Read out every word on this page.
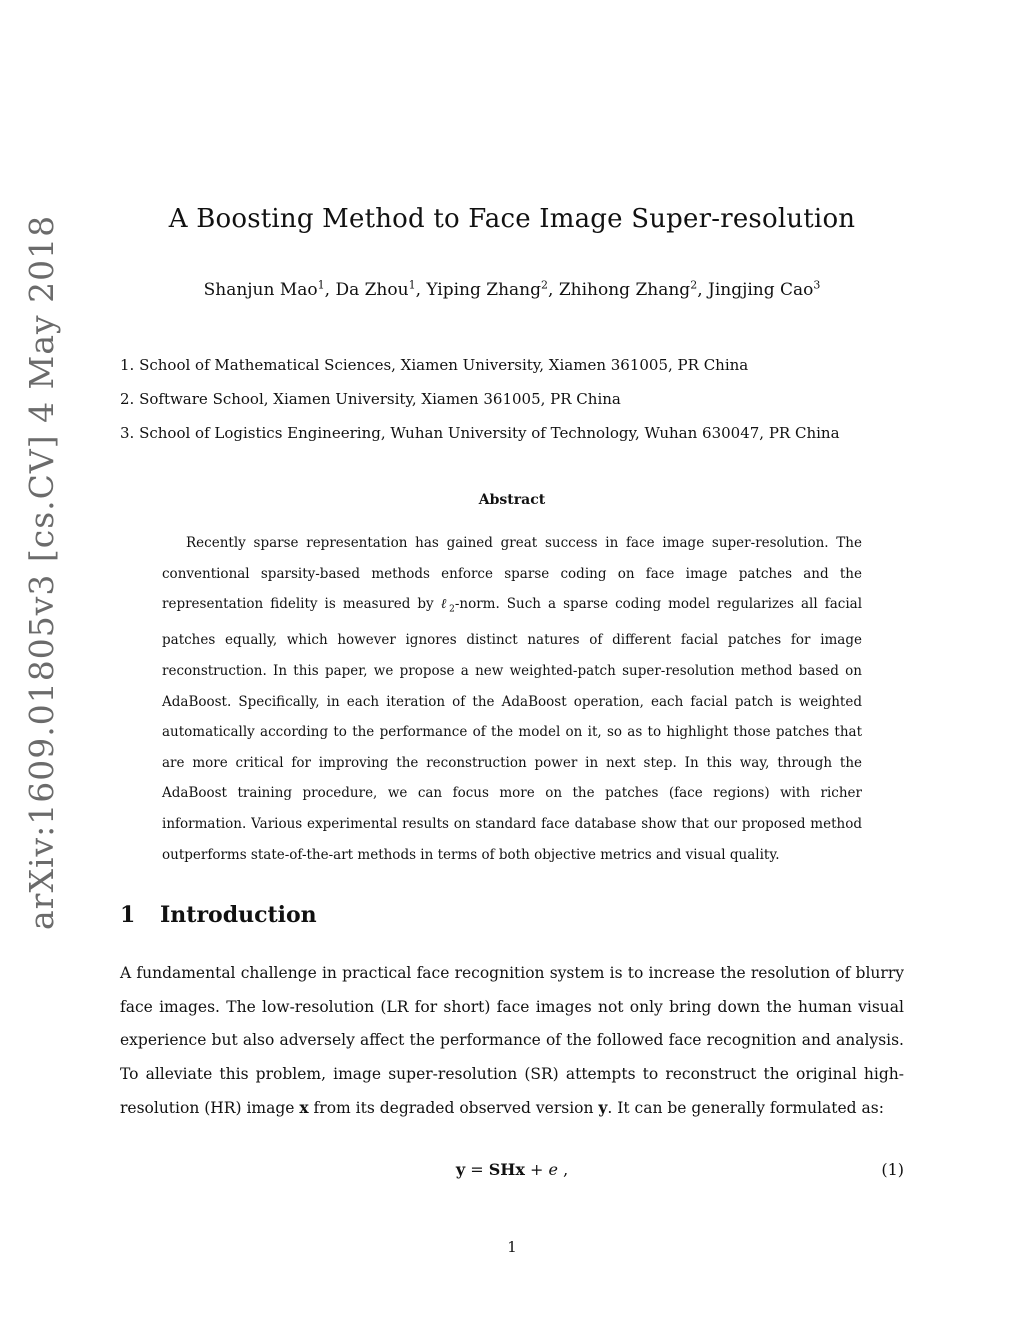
arXiv:1609.01805v3 [cs.CV] 4 May 2018	A Boosting Method to Face Image Super-resolution
Shanjun Mao$^1$, Da Zhou$^1$, Yiping Zhang$^2$, Zhihong Zhang$^2$, Jingjing Cao$^3$
1. School of Mathematical Sciences, Xiamen University, Xiamen 361005, PR China
2. Software School, Xiamen University, Xiamen 361005, PR China
3. School of Logistics Engineering, Wuhan University of Technology, Wuhan 630047, PR China
Abstract
Recently sparse representation has gained great success in face image super-resolution. The conventional sparsity-based methods enforce sparse coding on face image patches and the representation fidelity is measured by ℓ$_2$-norm. Such a sparse coding model regularizes all facial patches equally, which however ignores distinct natures of different facial patches for image reconstruction. In this paper, we propose a new weighted-patch super-resolution method based on AdaBoost. Specifically, in each iteration of the AdaBoost operation, each facial patch is weighted automatically according to the performance of the model on it, so as to highlight those patches that are more critical for improving the reconstruction power in next step. In this way, through the AdaBoost training procedure, we can focus more on the patches (face regions) with richer information. Various experimental results on standard face database show that our proposed method outperforms state-of-the-art methods in terms of both objective metrics and visual quality.
1 Introduction
A fundamental challenge in practical face recognition system is to increase the resolution of blurry face images. The low-resolution (LR for short) face images not only bring down the human visual experience but also adversely affect the performance of the followed face recognition and analysis. To alleviate this problem, image super-resolution (SR) attempts to reconstruct the original high-resolution (HR) image x from its degraded observed version y. It can be generally formulated as:
y = SHx + e ,	(1)
1
